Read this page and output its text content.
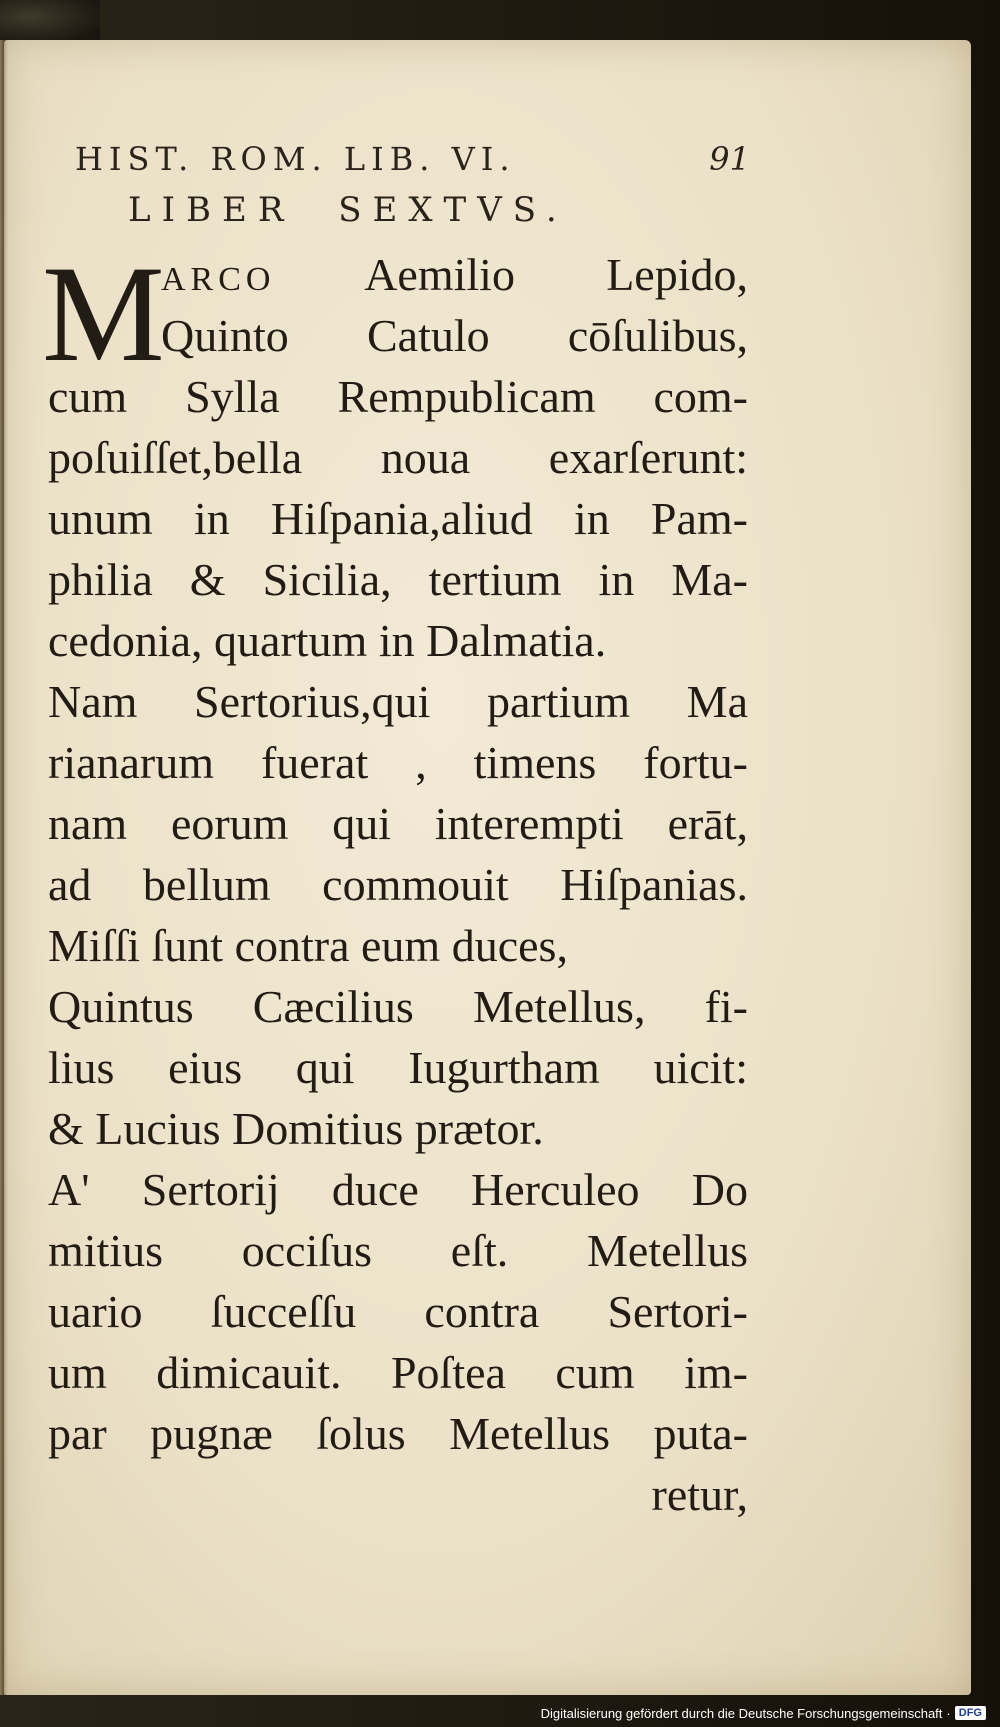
HIST. ROM. LIB. VI.	91
LIBER SEXTVS.
M
ARCO Aemilio Lepido,
Quinto Catulo cōſulibus,
cum Sylla Rempublicam com-
poſuiſſet,bella noua exarſerunt:
unum in Hiſpania,aliud in Pam-
philia & Sicilia, tertium in Ma-
cedonia, quartum in Dalmatia.
Nam Sertorius,qui partium Ma
rianarum fuerat , timens fortu-
nam eorum qui interempti erāt,
ad bellum commouit Hiſpanias.
Miſſi ſunt contra eum duces,
Quintus Cæcilius Metellus, fi-
lius eius qui Iugurtham uicit:
& Lucius Domitius prætor.
A' Sertorij duce Herculeo Do
mitius occiſus eſt. Metellus
uario ſucceſſu contra Sertori-
um dimicauit. Poſtea cum im-
par pugnæ ſolus Metellus puta-
retur,
Digitalisierung gefördert durch die Deutsche Forschungsgemeinschaft · DFG
